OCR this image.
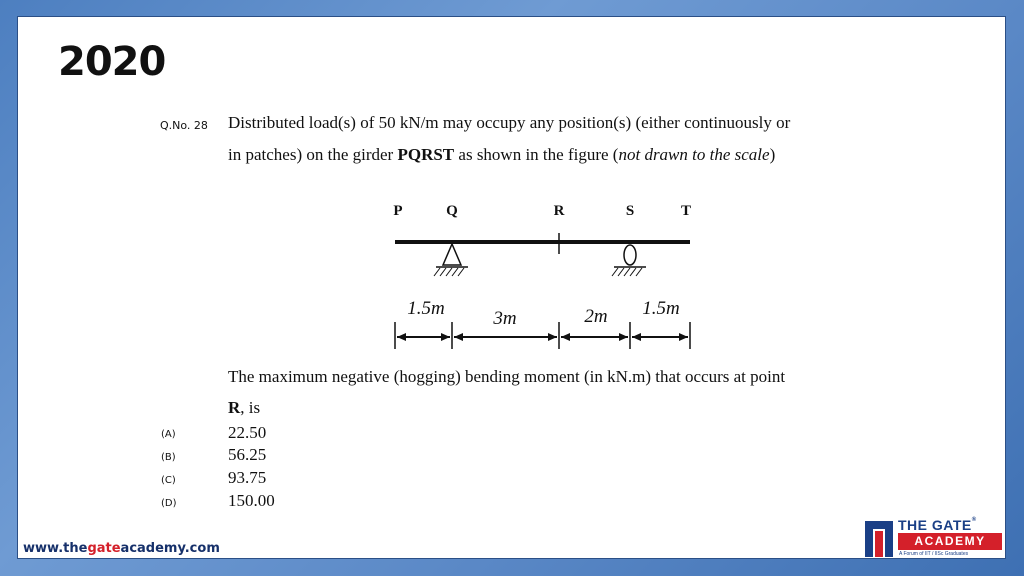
2020
Q.No. 28 Distributed load(s) of 50 kN/m may occupy any position(s) (either continuously or
in patches) on the girder PQRST as shown in the figure (not drawn to the scale)
P	Q	R	S	T
1.5m	3m	2m 1.5m
The maximum negative (hogging) bending moment (in kN.m) that occurs at point
R, is
(A)	22.50
(B)	56.25
(C)	93.75
(D)	150.00
www.thegateacademy.com
THE GATE®
ACADEMY
A Forum of IIT / IISc Graduates
